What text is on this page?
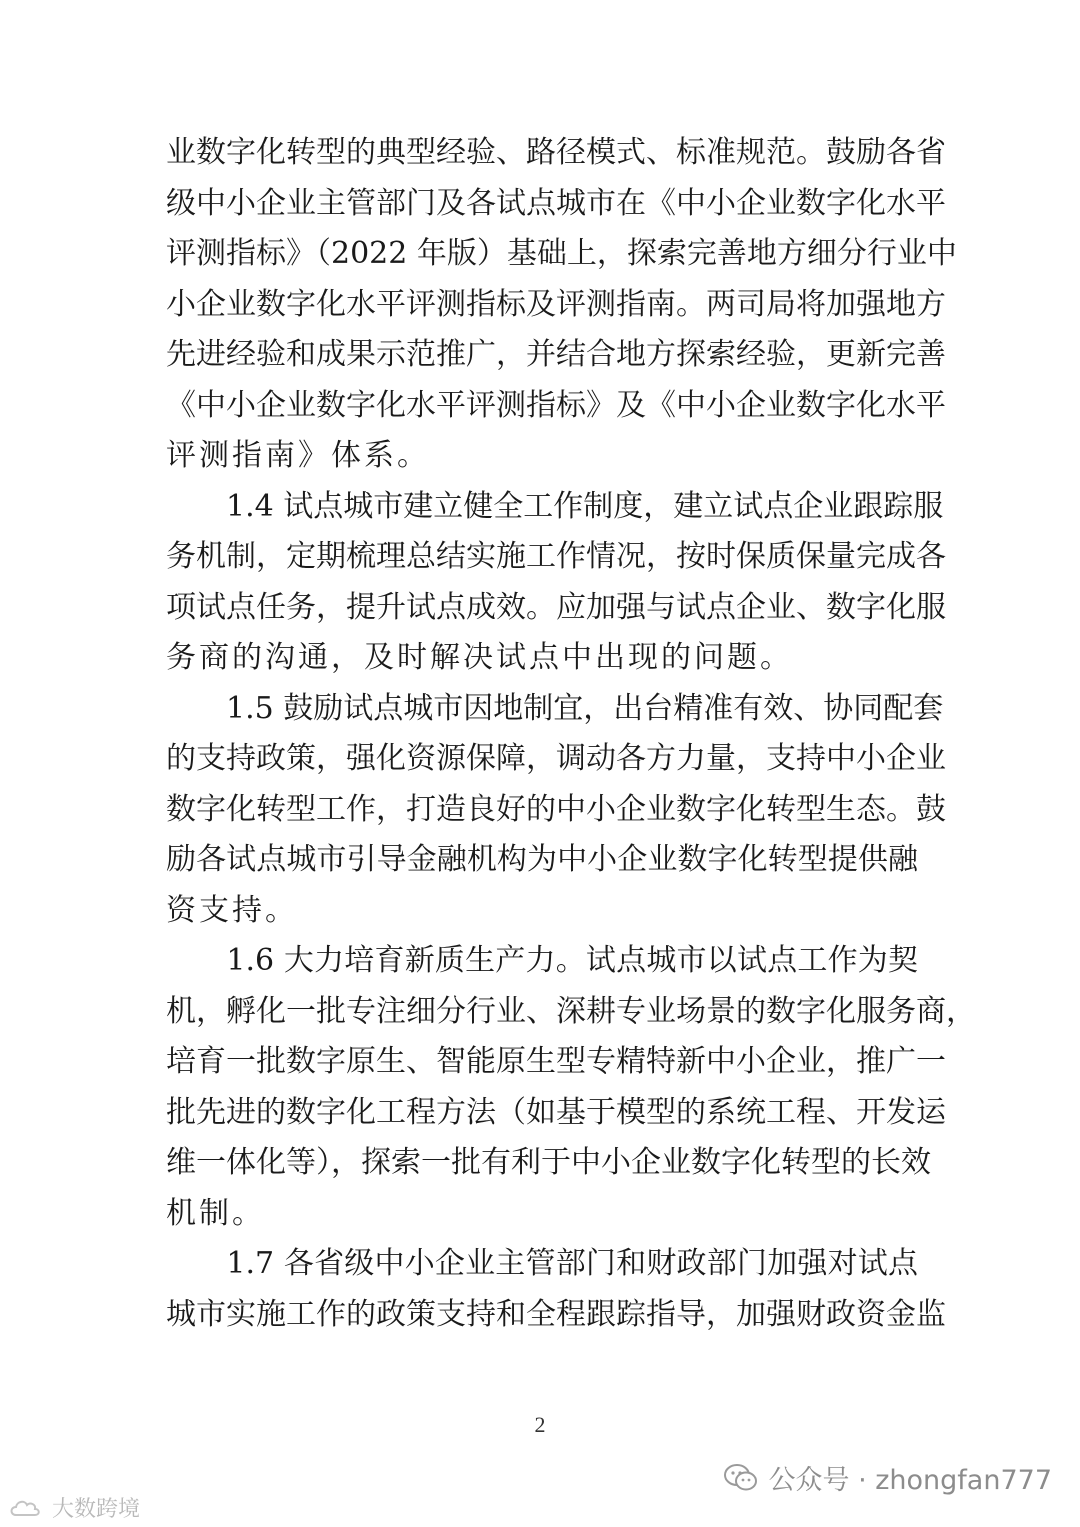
业数字化转型的典型经验、路径模式、标准规范。鼓励各省
级中小企业主管部门及各试点城市在《中小企业数字化水平
评测指标》（2022 年版）基础上，探索完善地方细分行业中
小企业数字化水平评测指标及评测指南。两司局将加强地方
先进经验和成果示范推广，并结合地方探索经验，更新完善
《中小企业数字化水平评测指标》及《中小企业数字化水平
评测指南》体系。
　　1.4 试点城市建立健全工作制度，建立试点企业跟踪服
务机制，定期梳理总结实施工作情况，按时保质保量完成各
项试点任务，提升试点成效。应加强与试点企业、数字化服
务商的沟通，及时解决试点中出现的问题。
　　1.5 鼓励试点城市因地制宜，出台精准有效、协同配套
的支持政策，强化资源保障，调动各方力量，支持中小企业
数字化转型工作，打造良好的中小企业数字化转型生态。鼓
励各试点城市引导金融机构为中小企业数字化转型提供融
资支持。
　　1.6 大力培育新质生产力。试点城市以试点工作为契
机，孵化一批专注细分行业、深耕专业场景的数字化服务商，
培育一批数字原生、智能原生型专精特新中小企业，推广一
批先进的数字化工程方法（如基于模型的系统工程、开发运
维一体化等），探索一批有利于中小企业数字化转型的长效
机制。
　　1.7 各省级中小企业主管部门和财政部门加强对试点
城市实施工作的政策支持和全程跟踪指导，加强财政资金监
2
公众号 · zhongfan777
大数跨境
